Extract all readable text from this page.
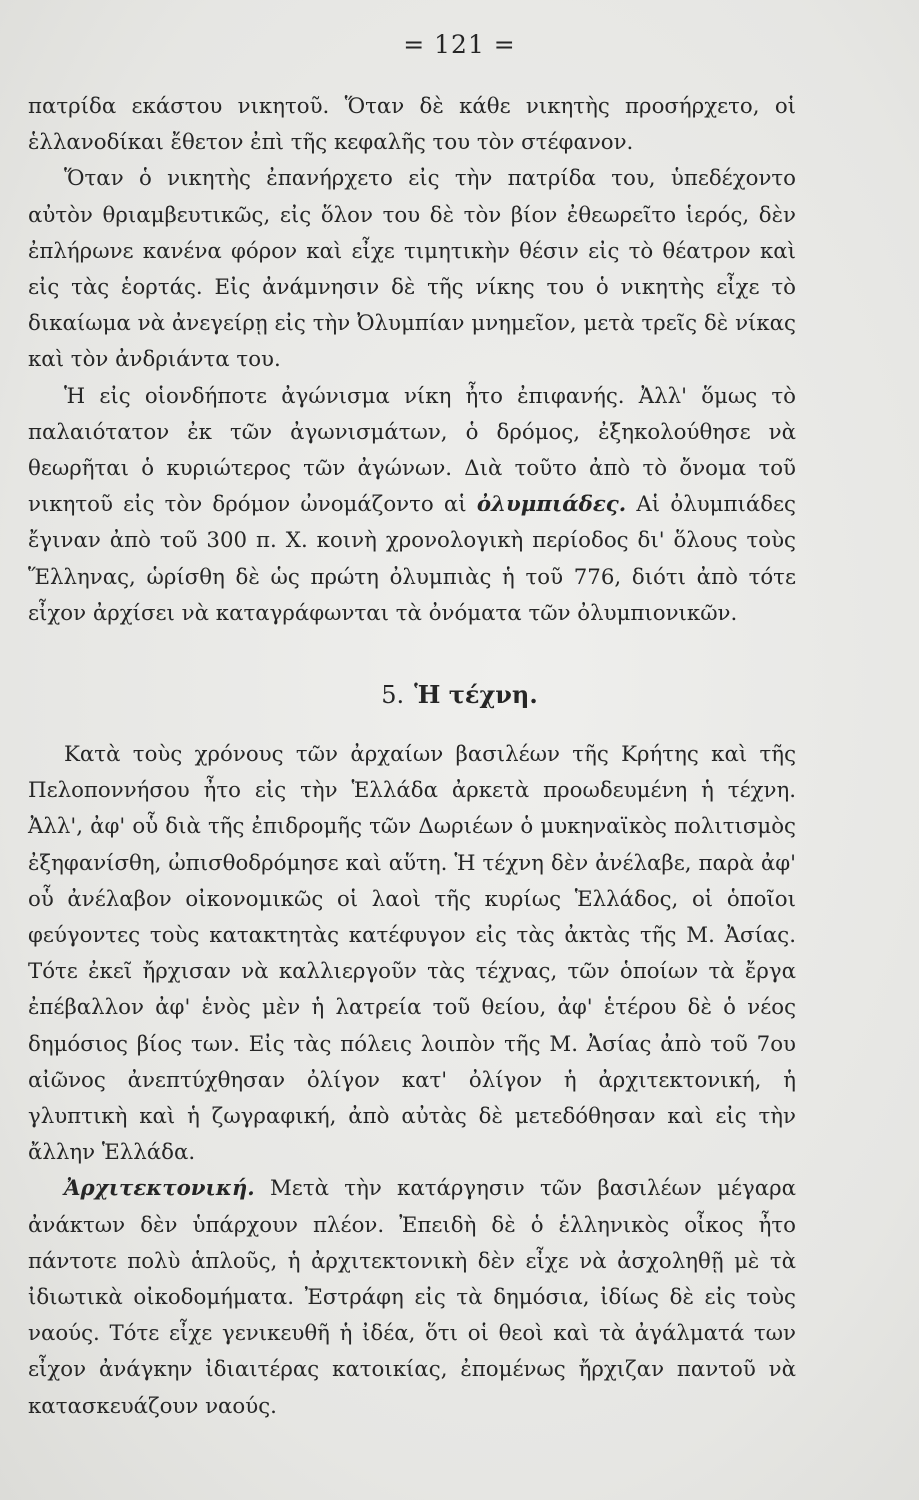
= 121 =

πατρίδα εκάστου νικητοῦ. Ὅταν δὲ κάθε νικητὴς προσήρχετο, οἱ ἑλλανοδίκαι ἔθετον ἐπὶ τῆς κεφαλῆς του τὸν στέφανον.

Ὅταν ὁ νικητὴς ἐπανήρχετο εἰς τὴν πατρίδα του, ὑπεδέχοντο αὐτὸν θριαμβευτικῶς, εἰς ὅλον του δὲ τὸν βίον ἐθεωρεῖτο ἱερός, δὲν ἐπλήρωνε κανένα φόρον καὶ εἶχε τιμητικὴν θέσιν εἰς τὸ θέατρον καὶ εἰς τὰς ἑορτάς. Εἰς ἀνάμνησιν δὲ τῆς νίκης του ὁ νικητὴς εἶχε τὸ δικαίωμα νὰ ἀνεγείρῃ εἰς τὴν Ὀλυμπίαν μνημεῖον, μετὰ τρεῖς δὲ νίκας καὶ τὸν ἀνδριάντα του.

Ἡ εἰς οἱονδήποτε ἀγώνισμα νίκη ἦτο ἐπιφανής. Ἀλλ' ὅμως τὸ παλαιότατον ἐκ τῶν ἀγωνισμάτων, ὁ δρόμος, ἐξηκολούθησε νὰ θεωρῆται ὁ κυριώτερος τῶν ἀγώνων. Διὰ τοῦτο ἀπὸ τὸ ὄνομα τοῦ νικητοῦ εἰς τὸν δρόμον ὠνομάζοντο αἱ ὀλυμπιάδες. Αἱ ὀλυμπιάδες ἔγιναν ἀπὸ τοῦ 300 π. Χ. κοινὴ χρονολογικὴ περίοδος δι' ὅλους τοὺς Ἕλληνας, ὡρίσθη δὲ ὡς πρώτη ὀλυμπιὰς ἡ τοῦ 776, διότι ἀπὸ τότε εἶχον ἀρχίσει νὰ καταγράφωνται τὰ ὀνόματα τῶν ὀλυμπιονικῶν.

5. Ἡ τέχνη.

Κατὰ τοὺς χρόνους τῶν ἀρχαίων βασιλέων τῆς Κρήτης καὶ τῆς Πελοποννήσου ἦτο εἰς τὴν Ἑλλάδα ἀρκετὰ προωδευμένη ἡ τέχνη. Ἀλλ', ἀφ' οὗ διὰ τῆς ἐπιδρομῆς τῶν Δωριέων ὁ μυκηναϊκὸς πολιτισμὸς ἐξηφανίσθη, ὠπισθοδρόμησε καὶ αὕτη. Ἡ τέχνη δὲν ἀνέλαβε, παρὰ ἀφ' οὗ ἀνέλαβον οἰκονομικῶς οἱ λαοὶ τῆς κυρίως Ἑλλάδος, οἱ ὁποῖοι φεύγοντες τοὺς κατακτητὰς κατέφυγον εἰς τὰς ἀκτὰς τῆς Μ. Ἀσίας. Τότε ἐκεῖ ἤρχισαν νὰ καλλιεργοῦν τὰς τέχνας, τῶν ὁποίων τὰ ἔργα ἐπέβαλλον ἀφ' ἑνὸς μὲν ἡ λατρεία τοῦ θείου, ἀφ' ἑτέρου δὲ ὁ νέος δημόσιος βίος των. Εἰς τὰς πόλεις λοιπὸν τῆς Μ. Ἀσίας ἀπὸ τοῦ 7ου αἰῶνος ἀνεπτύχθησαν ὀλίγον κατ' ὀλίγον ἡ ἀρχιτεκτονική, ἡ γλυπτικὴ καὶ ἡ ζωγραφική, ἀπὸ αὐτὰς δὲ μετεδόθησαν καὶ εἰς τὴν ἄλλην Ἑλλάδα.

Ἀρχιτεκτονική. Μετὰ τὴν κατάργησιν τῶν βασιλέων μέγαρα ἀνάκτων δὲν ὑπάρχουν πλέον. Ἐπειδὴ δὲ ὁ ἑλληνικὸς οἶκος ἦτο πάντοτε πολὺ ἁπλοῦς, ἡ ἀρχιτεκτονικὴ δὲν εἶχε νὰ ἀσχοληθῇ μὲ τὰ ἰδιωτικὰ οἰκοδομήματα. Ἐστράφη εἰς τὰ δημόσια, ἰδίως δὲ εἰς τοὺς ναούς. Τότε εἶχε γενικευθῆ ἡ ἰδέα, ὅτι οἱ θεοὶ καὶ τὰ ἀγάλματά των εἶχον ἀνάγκην ἰδιαιτέρας κατοικίας, ἐπομένως ἤρχιζαν παντοῦ νὰ κατασκευάζουν ναούς.
